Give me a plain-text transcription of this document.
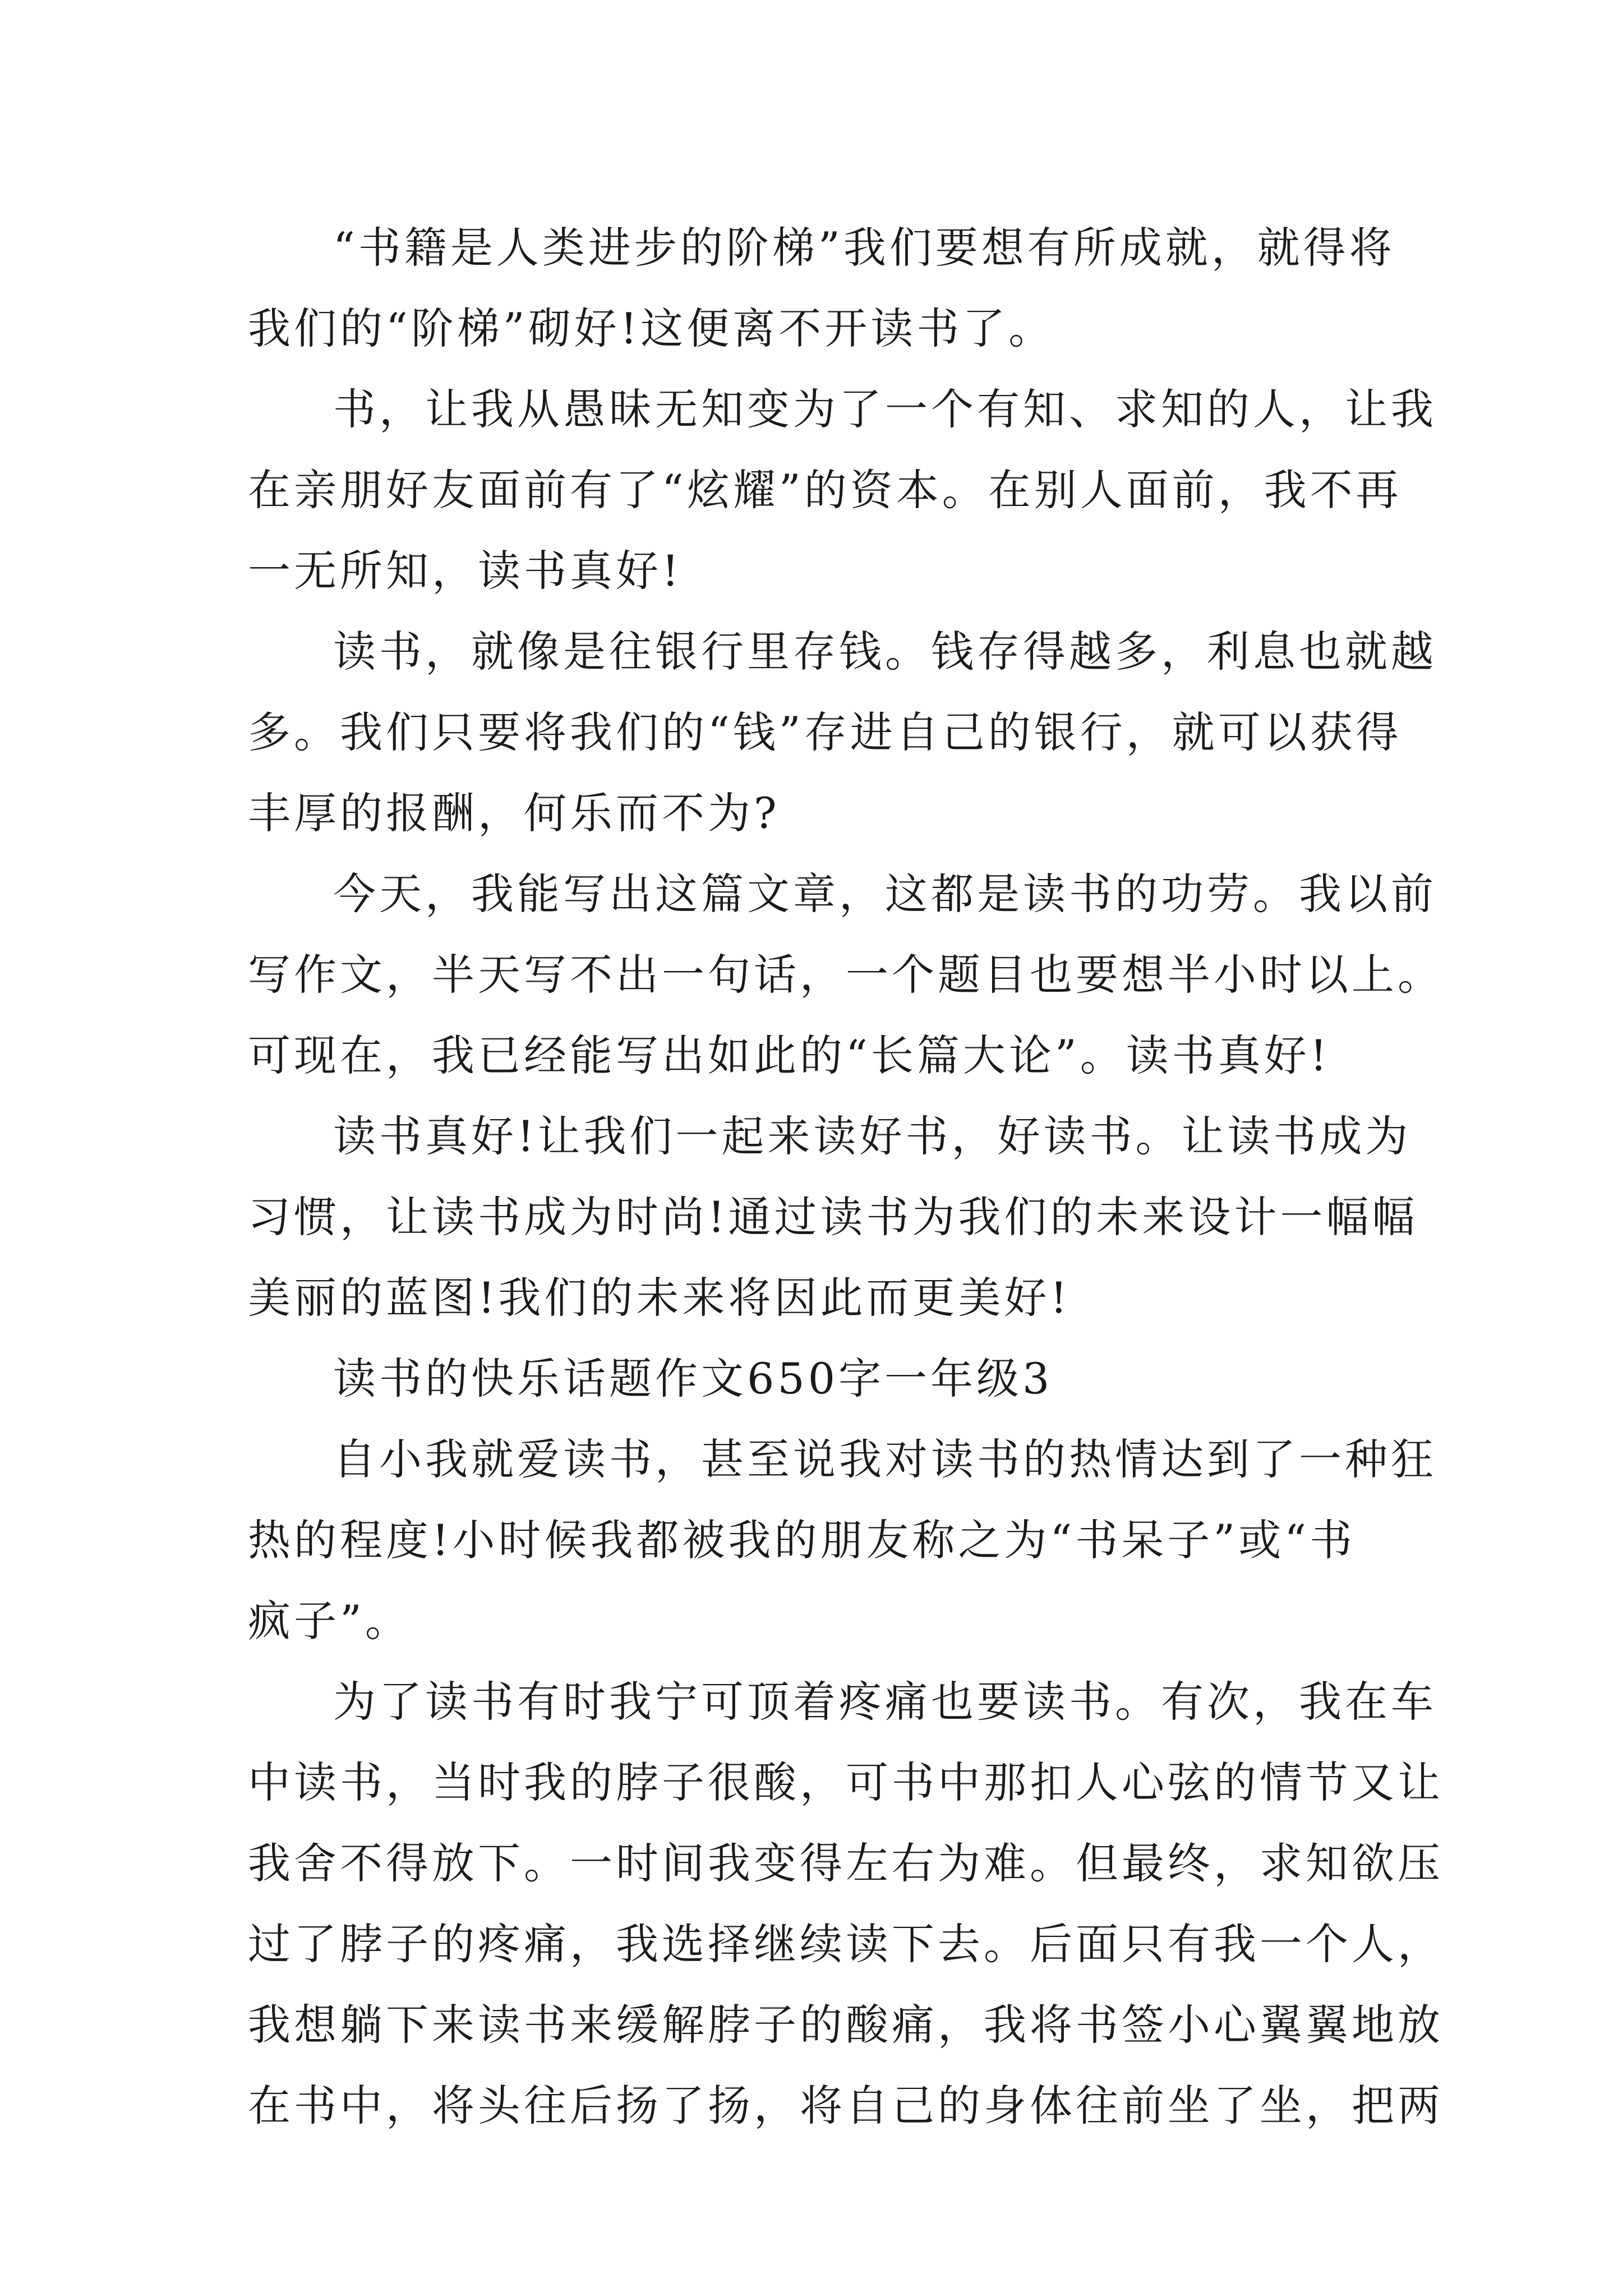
“书籍是人类进步的阶梯”我们要想有所成就，就得将
我们的“阶梯”砌好!这便离不开读书了。
书，让我从愚昧无知变为了一个有知、求知的人，让我
在亲朋好友面前有了“炫耀”的资本。在别人面前，我不再
一无所知，读书真好!
读书，就像是往银行里存钱。钱存得越多，利息也就越
多。我们只要将我们的“钱”存进自己的银行，就可以获得
丰厚的报酬，何乐而不为?
今天，我能写出这篇文章，这都是读书的功劳。我以前
写作文，半天写不出一句话，一个题目也要想半小时以上。
可现在，我已经能写出如此的“长篇大论”。读书真好!
读书真好!让我们一起来读好书，好读书。让读书成为
习惯，让读书成为时尚!通过读书为我们的未来设计一幅幅
美丽的蓝图!我们的未来将因此而更美好!
读书的快乐话题作文650字一年级3
自小我就爱读书，甚至说我对读书的热情达到了一种狂
热的程度!小时候我都被我的朋友称之为“书呆子”或“书
疯子”。
为了读书有时我宁可顶着疼痛也要读书。有次，我在车
中读书，当时我的脖子很酸，可书中那扣人心弦的情节又让
我舍不得放下。一时间我变得左右为难。但最终，求知欲压
过了脖子的疼痛，我选择继续读下去。后面只有我一个人，
我想躺下来读书来缓解脖子的酸痛，我将书签小心翼翼地放
在书中，将头往后扬了扬，将自己的身体往前坐了坐，把两
